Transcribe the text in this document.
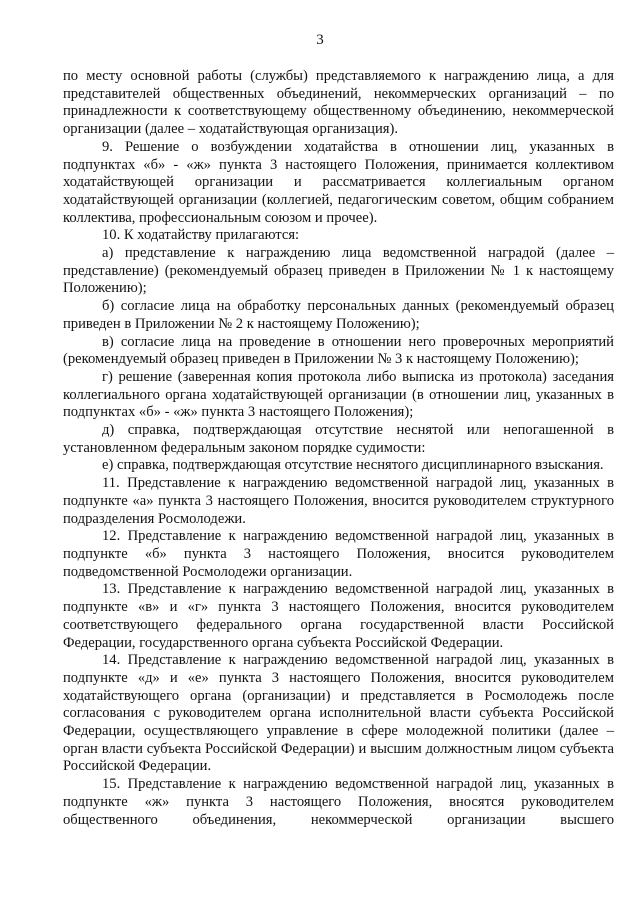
3

по месту основной работы (службы) представляемого к награждению лица, а для представителей общественных объединений, некоммерческих организаций – по принадлежности к соответствующему общественному объединению, некоммерческой организации (далее – ходатайствующая организация).

9. Решение о возбуждении ходатайства в отношении лиц, указанных в подпунктах «б» - «ж» пункта 3 настоящего Положения, принимается коллективом ходатайствующей организации и рассматривается коллегиальным органом ходатайствующей организации (коллегией, педагогическим советом, общим собранием коллектива, профессиональным союзом и прочее).

10. К ходатайству прилагаются:

а) представление к награждению лица ведомственной наградой (далее – представление) (рекомендуемый образец приведен в Приложении № 1 к настоящему Положению);

б) согласие лица на обработку персональных данных (рекомендуемый образец приведен в Приложении № 2 к настоящему Положению);

в) согласие лица на проведение в отношении него проверочных мероприятий (рекомендуемый образец приведен в Приложении № 3 к настоящему Положению);

г) решение (заверенная копия протокола либо выписка из протокола) заседания коллегиального органа ходатайствующей организации (в отношении лиц, указанных в подпунктах «б» - «ж» пункта 3 настоящего Положения);

д) справка, подтверждающая отсутствие неснятой или непогашенной в установленном федеральным законом порядке судимости:

е) справка, подтверждающая отсутствие неснятого дисциплинарного взыскания.

11. Представление к награждению ведомственной наградой лиц, указанных в подпункте «а» пункта 3 настоящего Положения, вносится руководителем структурного подразделения Росмолодежи.

12. Представление к награждению ведомственной наградой лиц, указанных в подпункте «б» пункта 3 настоящего Положения, вносится руководителем подведомственной Росмолодежи организации.

13. Представление к награждению ведомственной наградой лиц, указанных в подпункте «в» и «г» пункта 3 настоящего Положения, вносится руководителем соответствующего федерального органа государственной власти Российской Федерации, государственного органа субъекта Российской Федерации.

14. Представление к награждению ведомственной наградой лиц, указанных в подпункте «д» и «е» пункта 3 настоящего Положения, вносится руководителем ходатайствующего органа (организации) и представляется в Росмолодежь после согласования с руководителем органа исполнительной власти субъекта Российской Федерации, осуществляющего управление в сфере молодежной политики (далее – орган власти субъекта Российской Федерации) и высшим должностным лицом субъекта Российской Федерации.

15. Представление к награждению ведомственной наградой лиц, указанных в подпункте «ж» пункта 3 настоящего Положения, вносятся руководителем общественного объединения, некоммерческой организации высшего
